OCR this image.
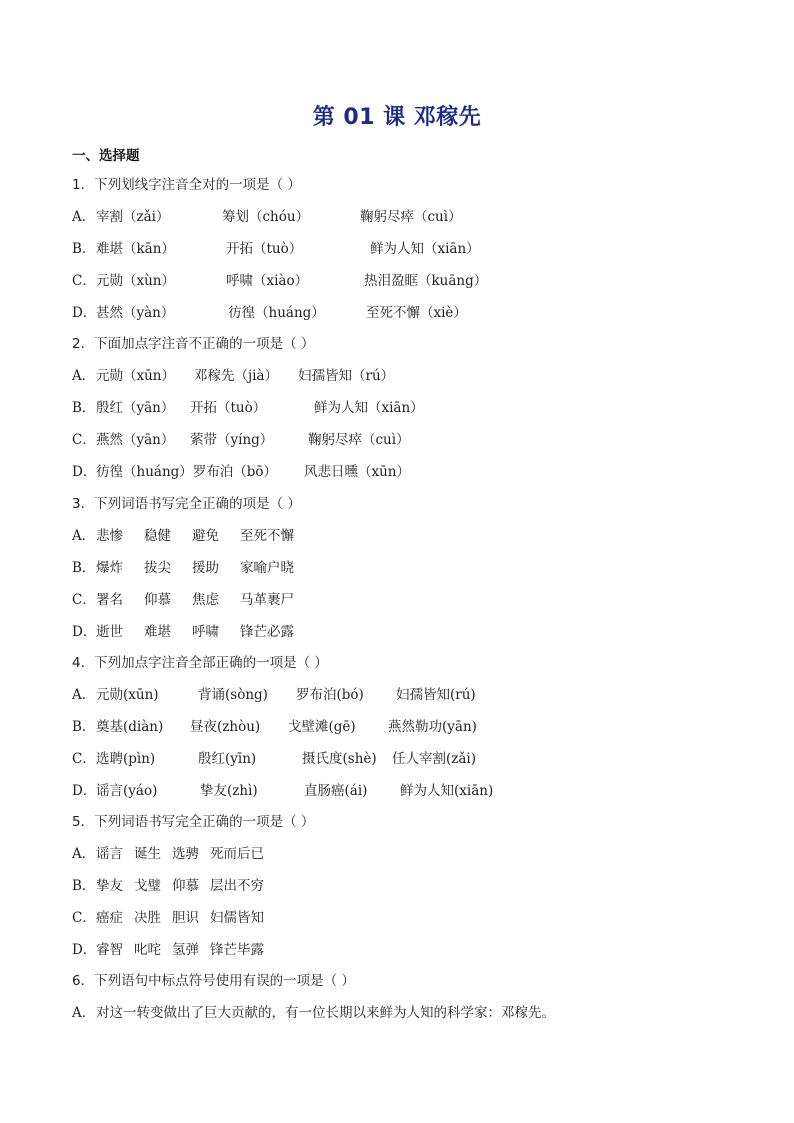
第 01 课 邓稼先
一、选择题
1．下列划线字注音全对的一项是（ ）
A． 宰割（zǎi）	筹划（chóu）	鞠躬尽瘁（cuì）
B． 难堪（kān）	开拓（tuò）	鲜为人知（xiān）
C． 元勋（xùn）	呼啸（xiào）	热泪盈眶（kuāng）
D． 甚然（yàn）	彷徨（huáng）	至死不懈（xiè）
2．下面加点字注音不正确的一项是（ ）
A． 元勋（xūn） 邓稼先（jià） 妇孺皆知（rú）
B． 殷红（yān） 开拓（tuò）	鲜为人知（xiān）
C． 燕然（yān） 萦带（yíng）	鞠躬尽瘁（cuì）
D． 彷徨（huáng）罗布泊（bō） 风悲日曛（xūn）
3．下列词语书写完全正确的项是（ ）
A． 悲惨 稳健 避免 至死不懈
B． 爆炸 拔尖 援助 家喻户晓
C． 署名 仰慕 焦虑 马革裹尸
D． 逝世 难堪 呼啸 锋芒必露
4．下列加点字注音全部正确的一项是（ ）
A． 元勋(xūn)	背诵(sòng) 罗布泊(bó) 妇孺皆知(rú)
B． 奠基(diàn) 昼夜(zhòu) 戈壁滩(gē) 燕然勒功(yān)
C． 选聘(pìn)	殷红(yīn)	摄氏度(shè) 任人宰割(zǎi)
D． 谣言(yáo)	挚友(zhì)	直肠癌(ái) 鲜为人知(xiān)
5．下列词语书写完全正确的一项是（ ）
A． 谣言 诞生 选骋 死而后已
B． 挚友 戈璧 仰慕 层出不穷
C． 癌症 决胜 胆识 妇儒皆知
D． 睿智 叱咤 氢弹 锋芒毕露
6．下列语句中标点符号使用有误的一项是（ ）
A． 对这一转变做出了巨大贡献的，有一位长期以来鲜为人知的科学家：邓稼先。
